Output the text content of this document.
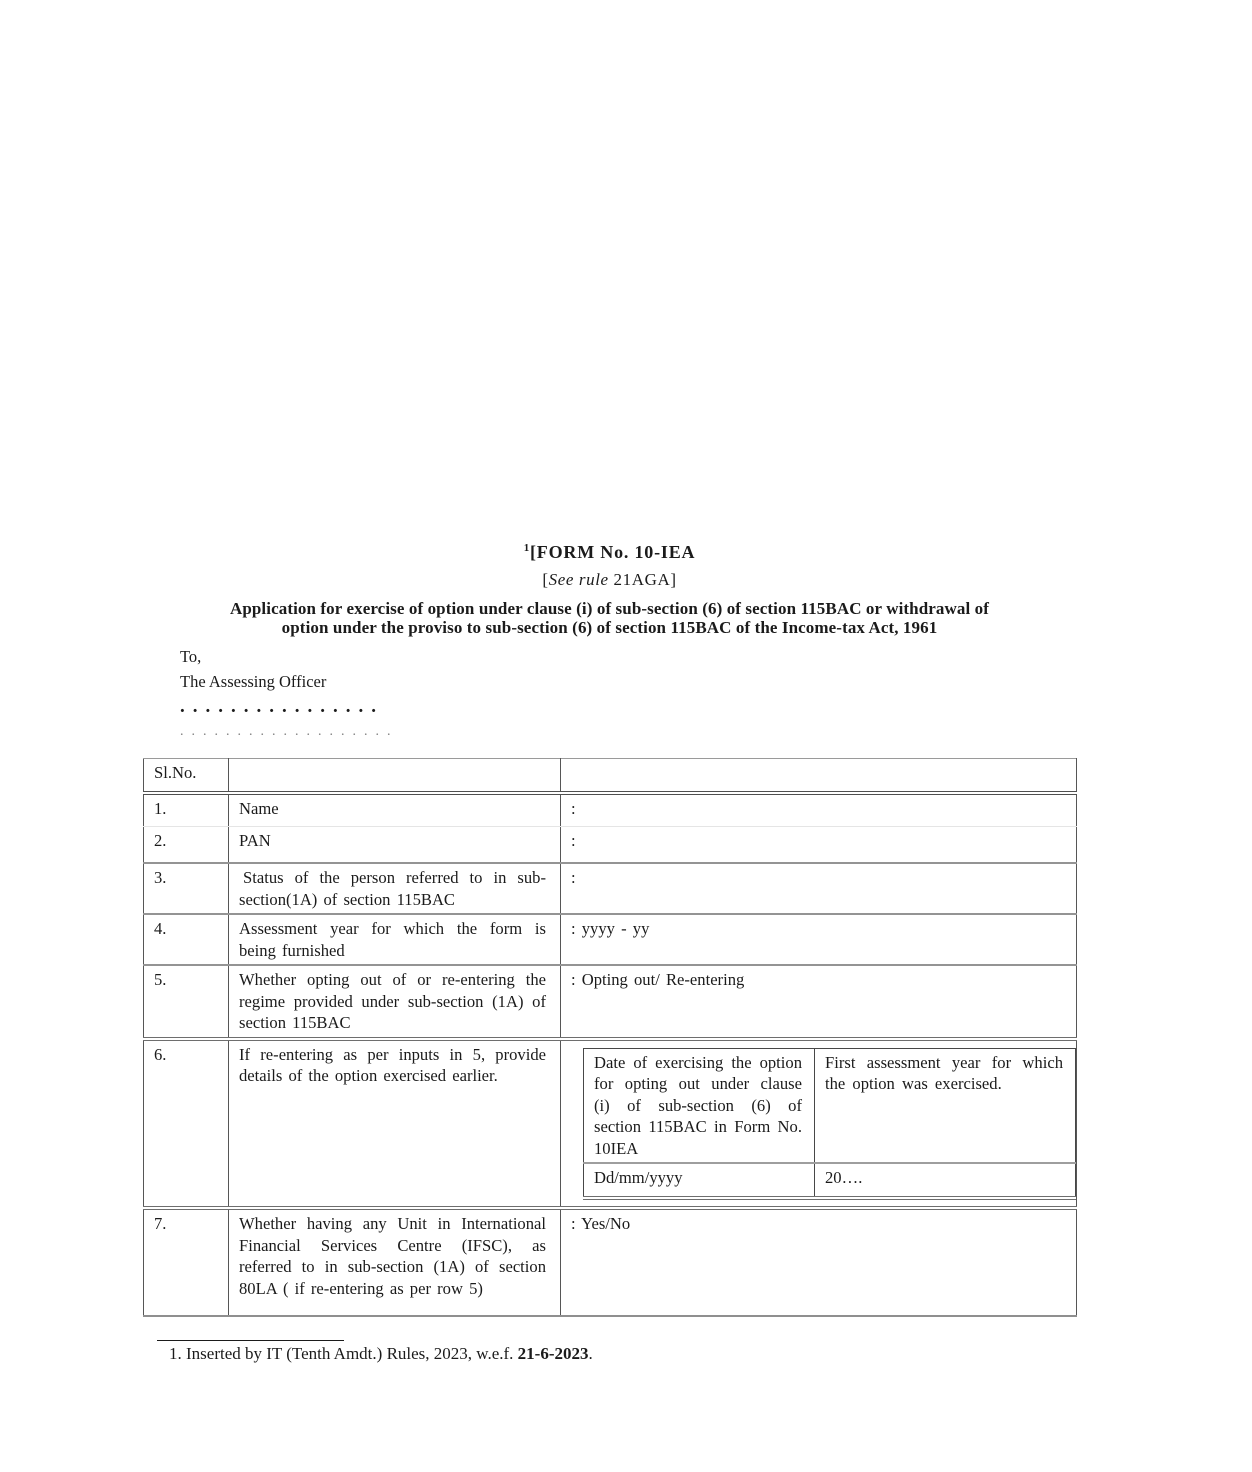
$^1$[FORM No. 10-IEA
[See rule 21AGA]
Application for exercise of option under clause (i) of sub-section (6) of section 115BAC or withdrawal of
option under the proviso to sub-section (6) of section 115BAC of the Income-tax Act, 1961
To,
The Assessing Officer
................
...................
Sl.No.		
1.	Name	:
2.	PAN	:
3.	Status of the person referred to in sub-section(1A) of section 115BAC	:
4.	Assessment year for which the form is being furnished	: yyyy - yy
5.	Whether opting out of or re-entering the regime provided under sub-section (1A) of section 115BAC	: Opting out/ Re-entering
6.	If re-entering as per inputs in 5, provide details of the option exercised earlier.	
Date of exercising the option for opting out under clause (i) of sub-section (6) of section 115BAC in Form No. 10IEA	First assessment year for which the option was exercised.
Dd/mm/yyyy	20….

7.	Whether having any Unit in International Financial Services Centre (IFSC), as referred to in sub-section (1A) of section 80LA ( if re-entering as per row 5)	: Yes/No
1. Inserted by IT (Tenth Amdt.) Rules, 2023, w.e.f. 21-6-2023.
